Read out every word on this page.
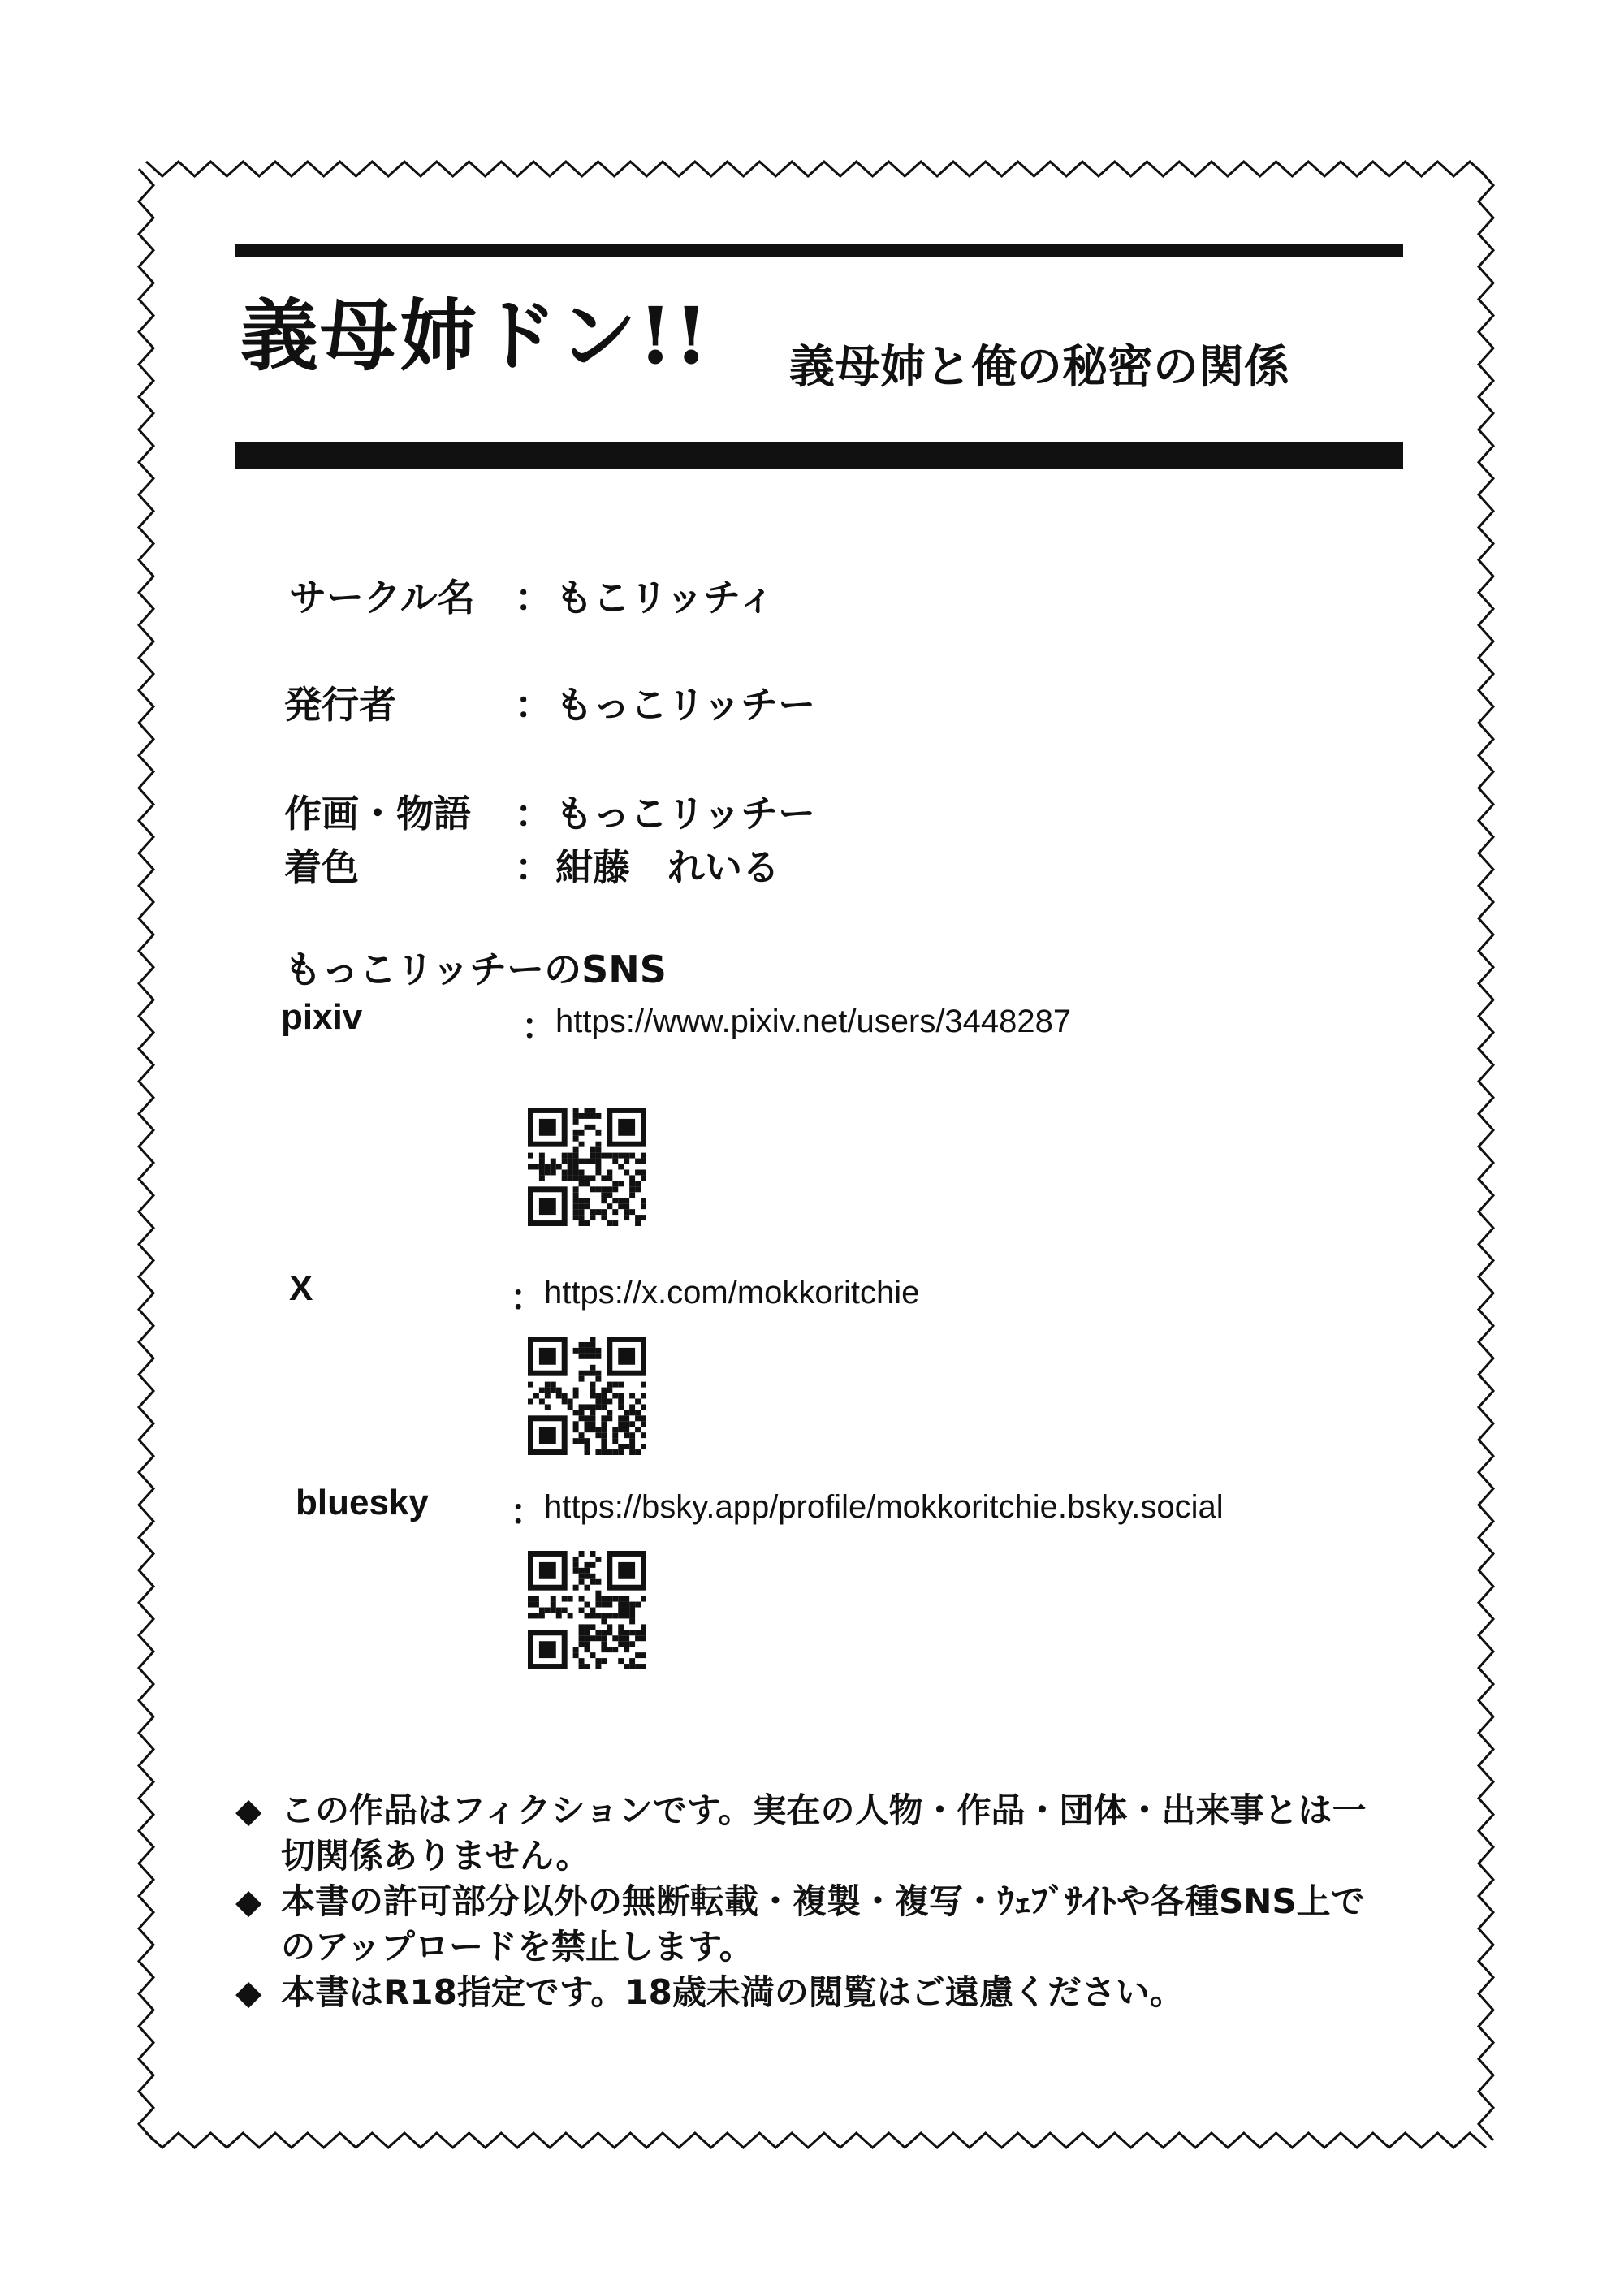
義母姉ドン!! 義母姉と俺の秘密の関係
サークル名 ： もこリッチィ
発行者	： もっこリッチー
作画・物語 ： もっこリッチー
着色	： 紺藤　れいる
もっこリッチーのSNS
pixiv	：
https://www.pixiv.net/users/3448287
X	：
https://x.com/mokkoritchie
bluesky ：
https://bsky.app/profile/mokkoritchie.bsky.social
◆ この作品はフィクションです。実在の人物・作品・団体・出来事とは一切関係ありません。
◆ 本書の許可部分以外の無断転載・複製・複写・ｳｪﾌﾞｻｲﾄや各種SNS上でのアップロードを禁止します。
◆ 本書はR18指定です。18歳未満の閲覧はご遠慮ください。
